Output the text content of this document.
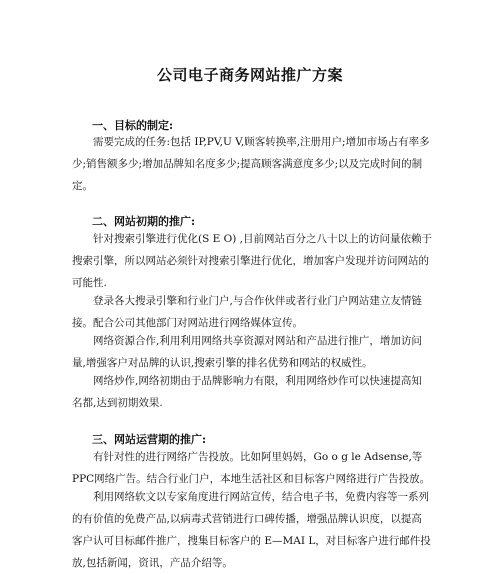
公司电子商务网站推广方案
一、目标的制定:

需要完成的任务:包括 IP,PV,U V,顾客转换率,注册用户;增加市场占有率多少;销售额多少;增加品牌知名度多少;提高顾客满意度多少;以及完成时间的制定。

二、网站初期的推广:

针对搜索引擎进行优化(S E O) ,目前网站百分之八十以上的访问量依赖于搜索引擎，所以网站必须针对搜索引擎进行优化，增加客户发现并访问网站的可能性.

登录各大搜录引擎和行业门户,与合作伙伴或者行业门户网站建立友情链接。配合公司其他部门对网站进行网络媒体宣传。

网络资源合作,利用利用网络共享资源对网站和产品进行推广，增加访问量,增强客户对品牌的认识,搜索引擎的排名优势和网站的权威性。

网络炒作,网络初期由于品牌影响力有限，利用网络炒作可以快速提高知名都,达到初期效果.

三、网站运营期的推广:

有针对性的进行网络广告投放。比如阿里妈妈，Go o g le Adsense,等 PPC网络广告。结合行业门户，本地生活社区和目标客户网络进行广告投放。

利用网络软文以专家角度进行网站宣传，结合电子书，免费内容等一系列的有价值的免费产品,以病毒式营销进行口碑传播，增强品牌认识度，以提高客户认可目标邮件推广，搜集目标客户的 E—MAI L，对目标客户进行邮件投放,包括新闻，资讯，产品介绍等。
